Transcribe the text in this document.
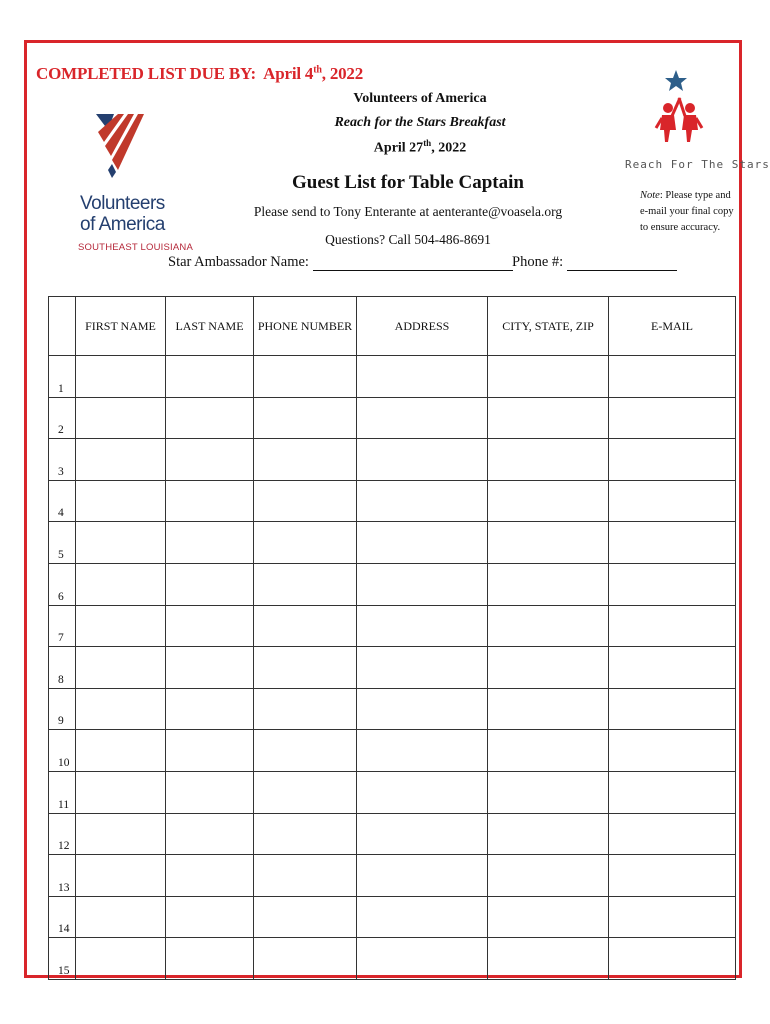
COMPLETED LIST DUE BY: April 4th, 2022
Volunteers
of America
SOUTHEAST LOUISIANA
Reach For The Stars
Volunteers of America
Reach for the Stars Breakfast
April 27th, 2022
Guest List for Table Captain
Please send to Tony Enterante at aenterante@voasela.org
Questions? Call 504-486-8691
Note: Please type and e-mail your final copy to ensure accuracy.
Star Ambassador Name:	Phone #:
	FIRST NAME	LAST NAME	PHONE NUMBER	ADDRESS	CITY, STATE, ZIP	E-MAIL
1						
2						
3						
4						
5						
6						
7						
8						
9						
10						
11						
12						
13						
14						
15						
